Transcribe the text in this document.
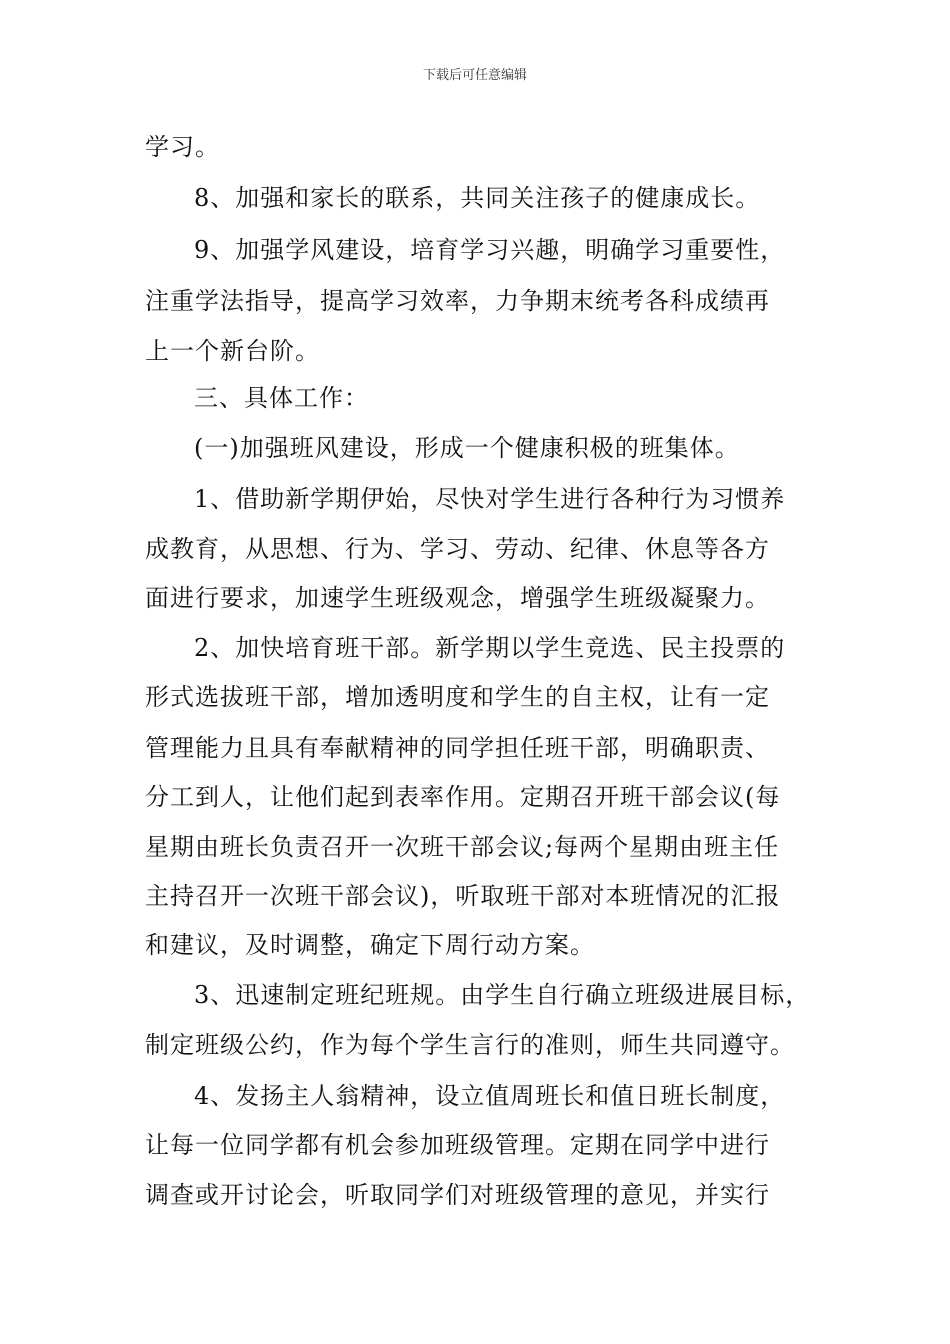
下载后可任意编辑
学习。
8、加强和家长的联系，共同关注孩子的健康成长。
9、加强学风建设，培育学习兴趣，明确学习重要性，
注重学法指导，提高学习效率，力争期末统考各科成绩再
上一个新台阶。
三、具体工作：
(一)加强班风建设，形成一个健康积极的班集体。
1、借助新学期伊始，尽快对学生进行各种行为习惯养
成教育，从思想、行为、学习、劳动、纪律、休息等各方
面进行要求，加速学生班级观念，增强学生班级凝聚力。
2、加快培育班干部。新学期以学生竞选、民主投票的
形式选拔班干部，增加透明度和学生的自主权，让有一定
管理能力且具有奉献精神的同学担任班干部，明确职责、
分工到人，让他们起到表率作用。定期召开班干部会议(每
星期由班长负责召开一次班干部会议;每两个星期由班主任
主持召开一次班干部会议)，听取班干部对本班情况的汇报
和建议，及时调整，确定下周行动方案。
3、迅速制定班纪班规。由学生自行确立班级进展目标，
制定班级公约，作为每个学生言行的准则，师生共同遵守。
4、发扬主人翁精神，设立值周班长和值日班长制度，
让每一位同学都有机会参加班级管理。定期在同学中进行
调查或开讨论会，听取同学们对班级管理的意见，并实行
